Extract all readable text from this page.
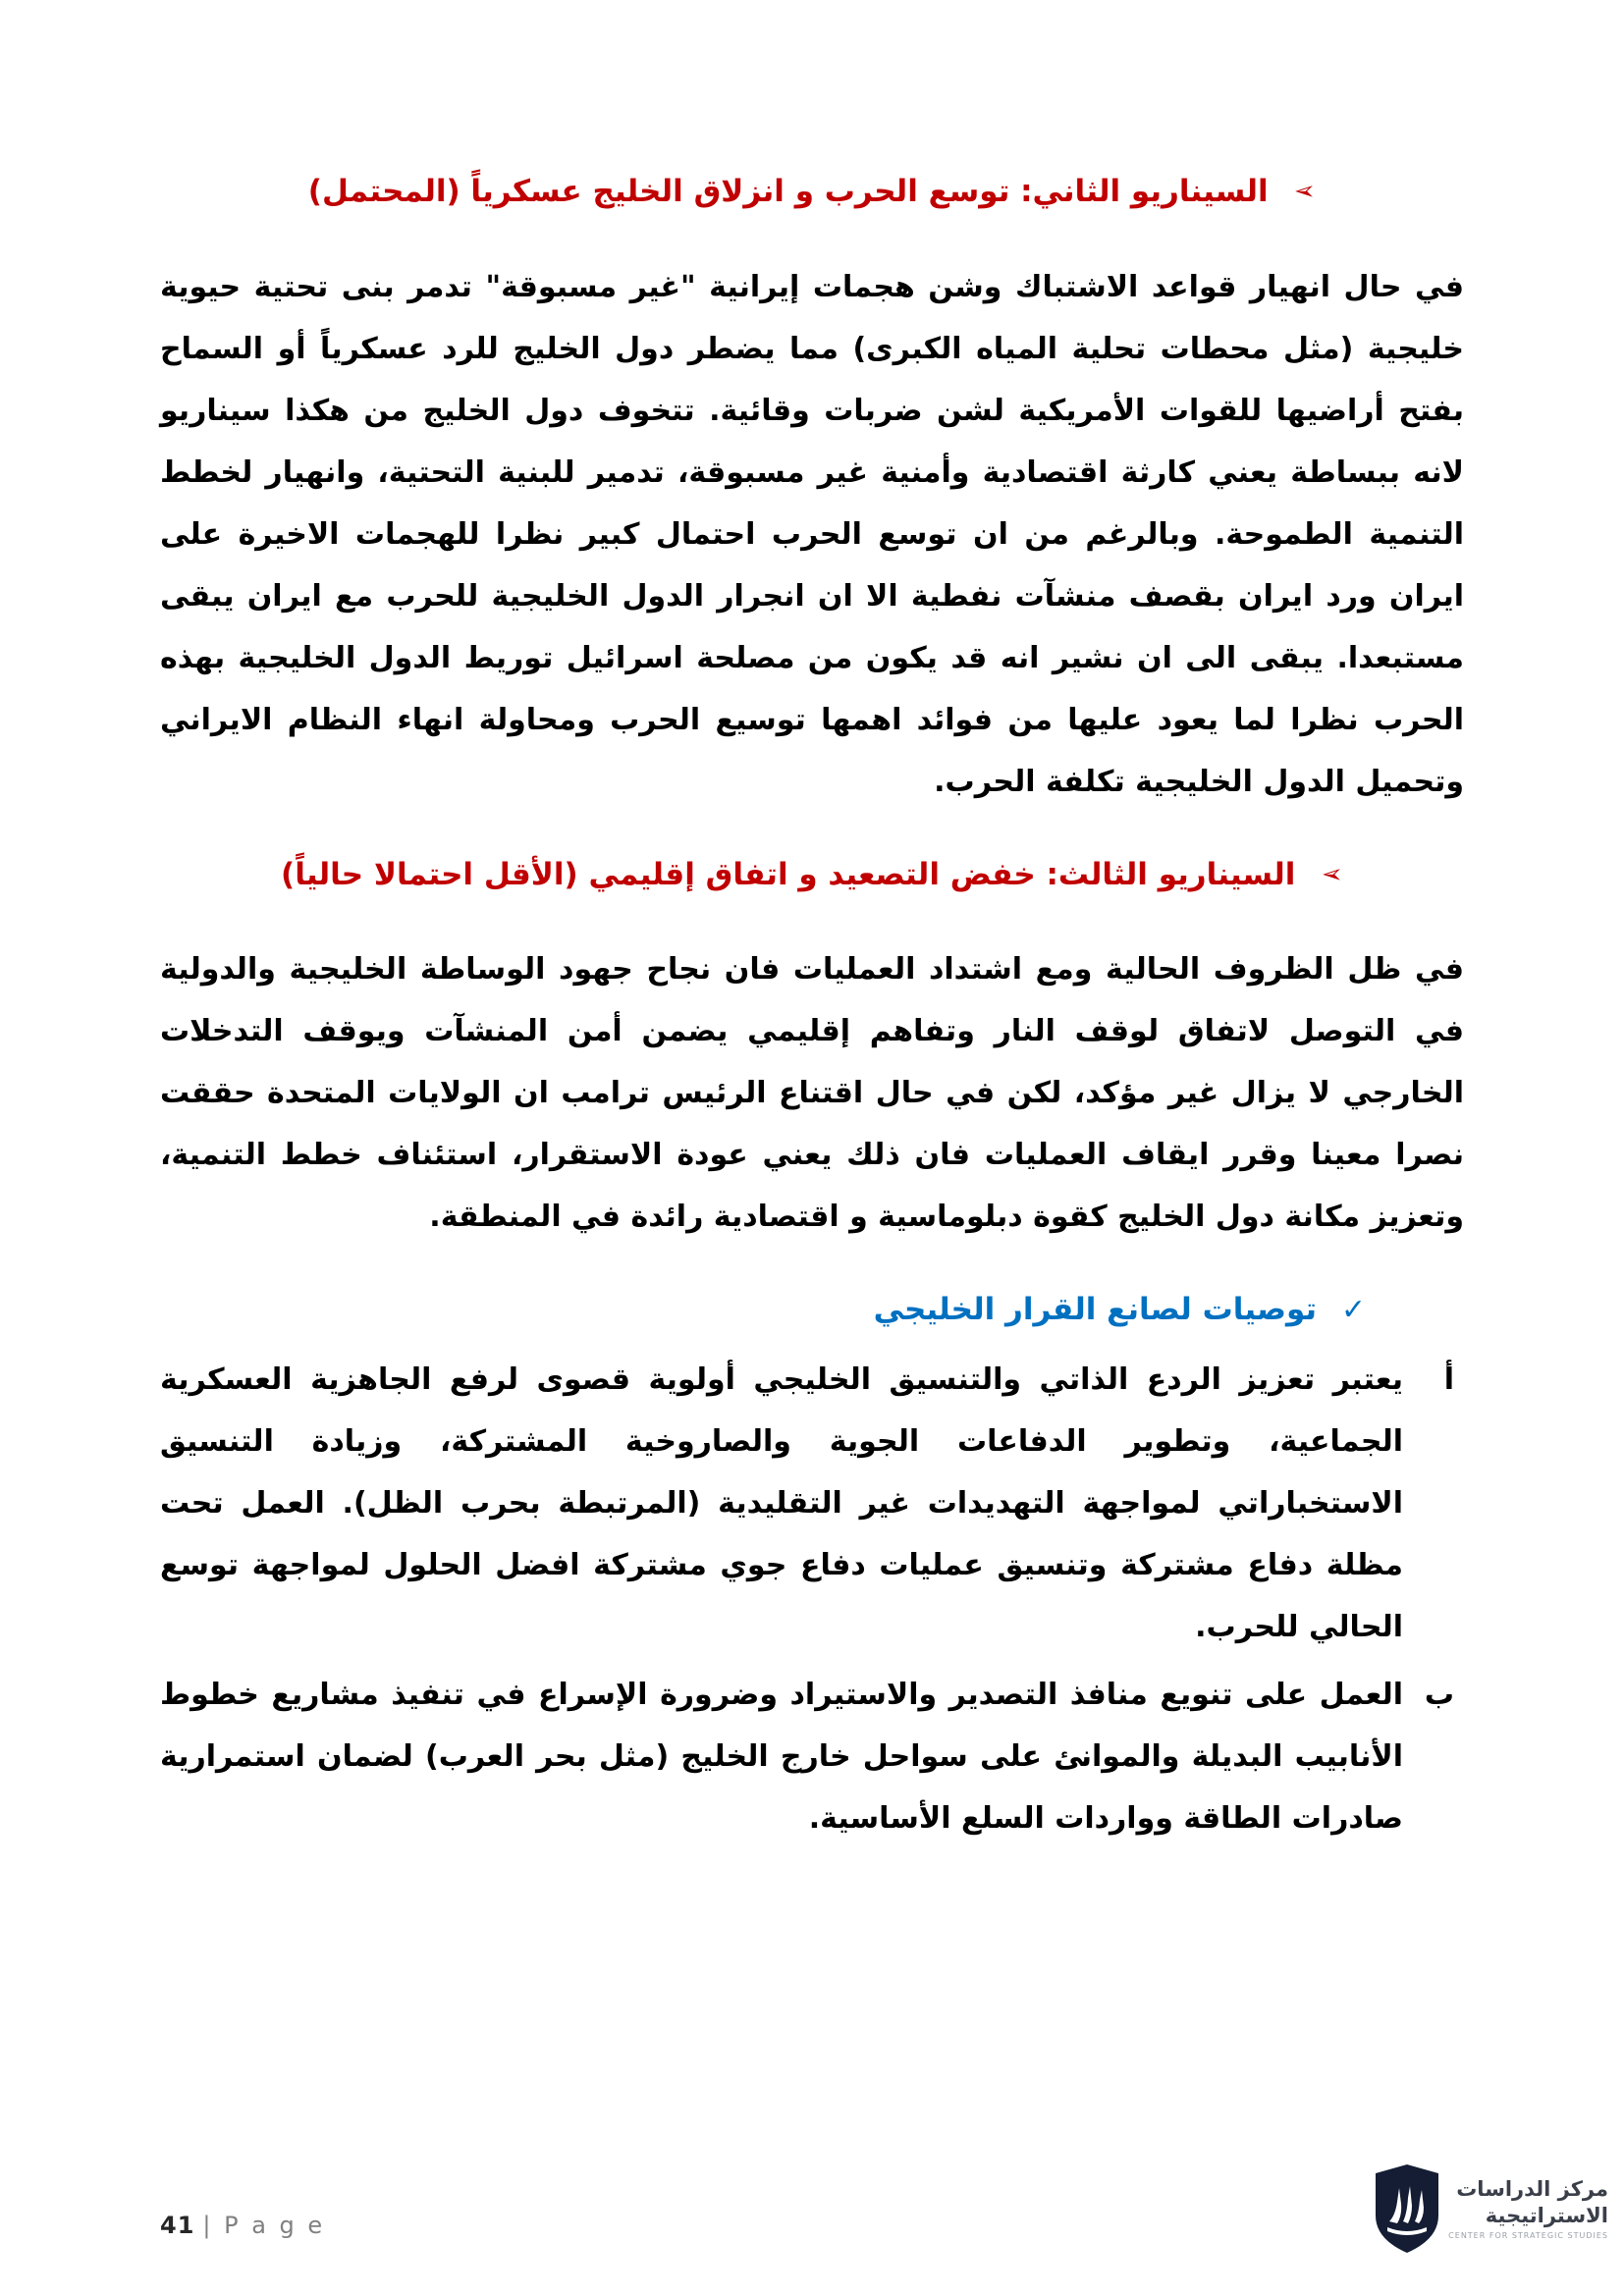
➢ السيناريو الثاني: توسع الحرب و انزلاق الخليج عسكرياً (المحتمل)

في حال انهيار قواعد الاشتباك وشن هجمات إيرانية "غير مسبوقة" تدمر بنى تحتية حيوية خليجية (مثل محطات تحلية المياه الكبرى) مما يضطر دول الخليج للرد عسكرياً أو السماح بفتح أراضيها للقوات الأمريكية لشن ضربات وقائية. تتخوف دول الخليج من هكذا سيناريو لانه ببساطة يعني كارثة اقتصادية وأمنية غير مسبوقة، تدمير للبنية التحتية، وانهيار لخطط التنمية الطموحة. وبالرغم من ان توسع الحرب احتمال كبير نظرا للهجمات الاخيرة على ايران ورد ايران بقصف منشآت نفطية الا ان انجرار الدول الخليجية للحرب مع ايران يبقى مستبعدا. يبقى الى ان نشير انه قد يكون من مصلحة اسرائيل توريط الدول الخليجية بهذه الحرب نظرا لما يعود عليها من فوائد اهمها توسيع الحرب ومحاولة انهاء النظام الايراني وتحميل الدول الخليجية تكلفة الحرب.

➢ السيناريو الثالث: خفض التصعيد و اتفاق إقليمي (الأقل احتمالا حالياً)

في ظل الظروف الحالية ومع اشتداد العمليات فان نجاح جهود الوساطة الخليجية والدولية في التوصل لاتفاق لوقف النار وتفاهم إقليمي يضمن أمن المنشآت ويوقف التدخلات الخارجي لا يزال غير مؤكد، لكن في حال اقتناع الرئيس ترامب ان الولايات المتحدة حققت نصرا معينا وقرر ايقاف العمليات فان ذلك يعني عودة الاستقرار، استئناف خطط التنمية، وتعزيز مكانة دول الخليج كقوة دبلوماسية و اقتصادية رائدة في المنطقة.

✓ توصيات لصانع القرار الخليجي
أ
يعتبر تعزيز الردع الذاتي والتنسيق الخليجي أولوية قصوى لرفع الجاهزية العسكرية الجماعية، وتطوير الدفاعات الجوية والصاروخية المشتركة، وزيادة التنسيق الاستخباراتي لمواجهة التهديدات غير التقليدية (المرتبطة بحرب الظل). العمل تحت مظلة دفاع مشتركة وتنسيق عمليات دفاع جوي مشتركة افضل الحلول لمواجهة توسع الحالي للحرب.
ب
العمل على تنويع منافذ التصدير والاستيراد وضرورة الإسراع في تنفيذ مشاريع خطوط الأنابيب البديلة والموانئ على سواحل خارج الخليج (مثل بحر العرب) لضمان استمرارية صادرات الطاقة وواردات السلع الأساسية.
41 | P a g e
مركز الدراسات
الاستراتيجية
CENTER FOR STRATEGIC STUDIES
